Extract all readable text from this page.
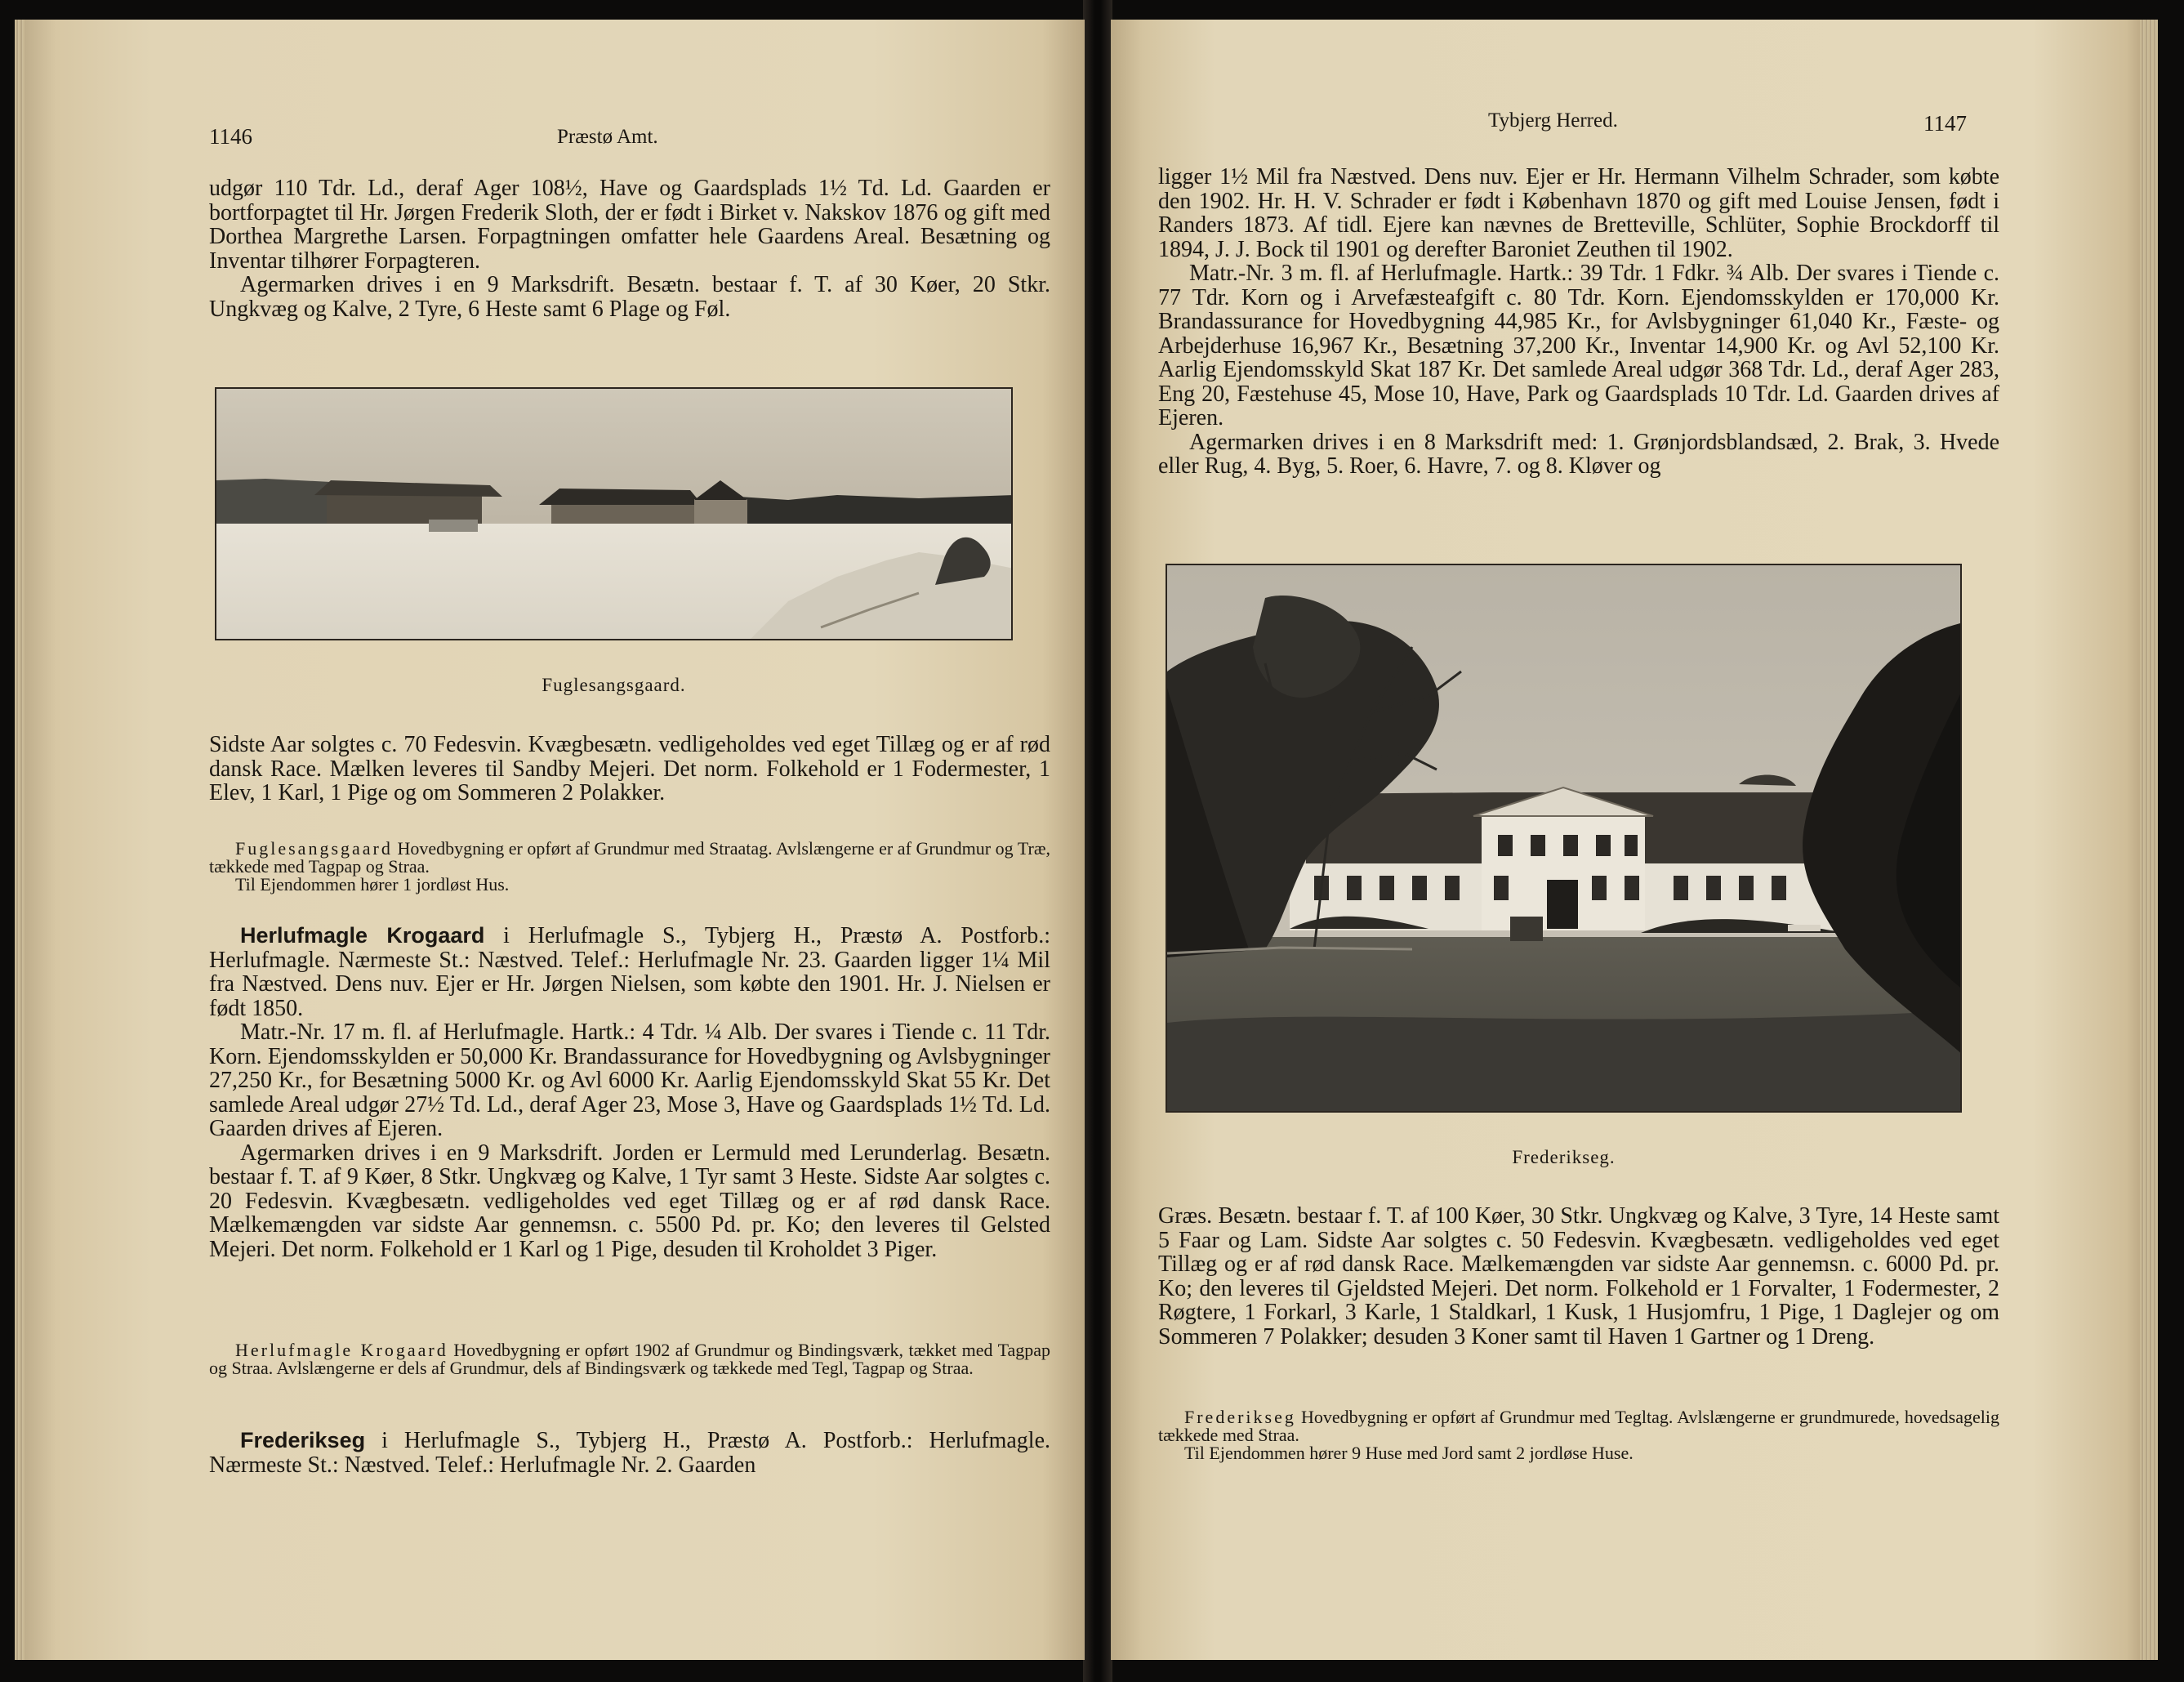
1146	Præstø Amt.

udgør 110 Tdr. Ld., deraf Ager 108½, Have og Gaardsplads 1½ Td. Ld. Gaarden er bortforpagtet til Hr. Jørgen Frederik Sloth, der er født i Birket v. Nakskov 1876 og gift med Dorthea Margrethe Larsen. Forpagtningen omfatter hele Gaardens Areal. Besætning og Inventar tilhører Forpagteren.

Agermarken drives i en 9 Marksdrift. Besætn. bestaar f. T. af 30 Køer, 20 Stkr. Ungkvæg og Kalve, 2 Tyre, 6 Heste samt 6 Plage og Føl.

Fuglesangsgaard.

Sidste Aar solgtes c. 70 Fedesvin. Kvægbesætn. vedligeholdes ved eget Tillæg og er af rød dansk Race. Mælken leveres til Sandby Mejeri. Det norm. Folkehold er 1 Fodermester, 1 Elev, 1 Karl, 1 Pige og om Sommeren 2 Polakker.

Fuglesangsgaard Hovedbygning er opført af Grundmur med Straatag. Avlslængerne er af Grundmur og Træ, tækkede med Tagpap og Straa.

Til Ejendommen hører 1 jordløst Hus.

Herlufmagle Krogaard i Herlufmagle S., Tybjerg H., Præstø A. Postforb.: Herlufmagle. Nærmeste St.: Næstved. Telef.: Herlufmagle Nr. 23. Gaarden ligger 1¼ Mil fra Næstved. Dens nuv. Ejer er Hr. Jørgen Nielsen, som købte den 1901. Hr. J. Nielsen er født 1850.

Matr.-Nr. 17 m. fl. af Herlufmagle. Hartk.: 4 Tdr. ¼ Alb. Der svares i Tiende c. 11 Tdr. Korn. Ejendomsskylden er 50,000 Kr. Brandassurance for Hovedbygning og Avlsbygninger 27,250 Kr., for Besætning 5000 Kr. og Avl 6000 Kr. Aarlig Ejendomsskyld Skat 55 Kr. Det samlede Areal udgør 27½ Td. Ld., deraf Ager 23, Mose 3, Have og Gaardsplads 1½ Td. Ld. Gaarden drives af Ejeren.

Agermarken drives i en 9 Marksdrift. Jorden er Lermuld med Lerunderlag. Besætn. bestaar f. T. af 9 Køer, 8 Stkr. Ungkvæg og Kalve, 1 Tyr samt 3 Heste. Sidste Aar solgtes c. 20 Fedesvin. Kvægbesætn. vedligeholdes ved eget Tillæg og er af rød dansk Race. Mælkemængden var sidste Aar gennemsn. c. 5500 Pd. pr. Ko; den leveres til Gelsted Mejeri. Det norm. Folkehold er 1 Karl og 1 Pige, desuden til Kroholdet 3 Piger.

Herlufmagle Krogaard Hovedbygning er opført 1902 af Grundmur og Bindingsværk, tækket med Tagpap og Straa. Avlslængerne er dels af Grundmur, dels af Bindingsværk og tækkede med Tegl, Tagpap og Straa.

Frederikseg i Herlufmagle S., Tybjerg H., Præstø A. Postforb.: Herlufmagle. Nærmeste St.: Næstved. Telef.: Herlufmagle Nr. 2. Gaarden

Tybjerg Herred.	1147

ligger 1½ Mil fra Næstved. Dens nuv. Ejer er Hr. Hermann Vilhelm Schrader, som købte den 1902. Hr. H. V. Schrader er født i København 1870 og gift med Louise Jensen, født i Randers 1873. Af tidl. Ejere kan nævnes de Bretteville, Schlüter, Sophie Brockdorff til 1894, J. J. Bock til 1901 og derefter Baroniet Zeuthen til 1902.

Matr.-Nr. 3 m. fl. af Herlufmagle. Hartk.: 39 Tdr. 1 Fdkr. ¾ Alb. Der svares i Tiende c. 77 Tdr. Korn og i Arvefæsteafgift c. 80 Tdr. Korn. Ejendomsskylden er 170,000 Kr. Brandassurance for Hovedbygning 44,985 Kr., for Avlsbygninger 61,040 Kr., Fæste- og Arbejderhuse 16,967 Kr., Besætning 37,200 Kr., Inventar 14,900 Kr. og Avl 52,100 Kr. Aarlig Ejendomsskyld Skat 187 Kr. Det samlede Areal udgør 368 Tdr. Ld., deraf Ager 283, Eng 20, Fæstehuse 45, Mose 10, Have, Park og Gaardsplads 10 Tdr. Ld. Gaarden drives af Ejeren.

Agermarken drives i en 8 Marksdrift med: 1. Grønjordsblandsæd, 2. Brak, 3. Hvede eller Rug, 4. Byg, 5. Roer, 6. Havre, 7. og 8. Kløver og

Frederikseg.

Græs. Besætn. bestaar f. T. af 100 Køer, 30 Stkr. Ungkvæg og Kalve, 3 Tyre, 14 Heste samt 5 Faar og Lam. Sidste Aar solgtes c. 50 Fedesvin. Kvægbesætn. vedligeholdes ved eget Tillæg og er af rød dansk Race. Mælkemængden var sidste Aar gennemsn. c. 6000 Pd. pr. Ko; den leveres til Gjeldsted Mejeri. Det norm. Folkehold er 1 Forvalter, 1 Fodermester, 2 Røgtere, 1 Forkarl, 3 Karle, 1 Staldkarl, 1 Kusk, 1 Husjomfru, 1 Pige, 1 Daglejer og om Sommeren 7 Polakker; desuden 3 Koner samt til Haven 1 Gartner og 1 Dreng.

Frederikseg Hovedbygning er opført af Grundmur med Tegltag. Avlslængerne er grundmurede, hovedsagelig tækkede med Straa.

Til Ejendommen hører 9 Huse med Jord samt 2 jordløse Huse.
